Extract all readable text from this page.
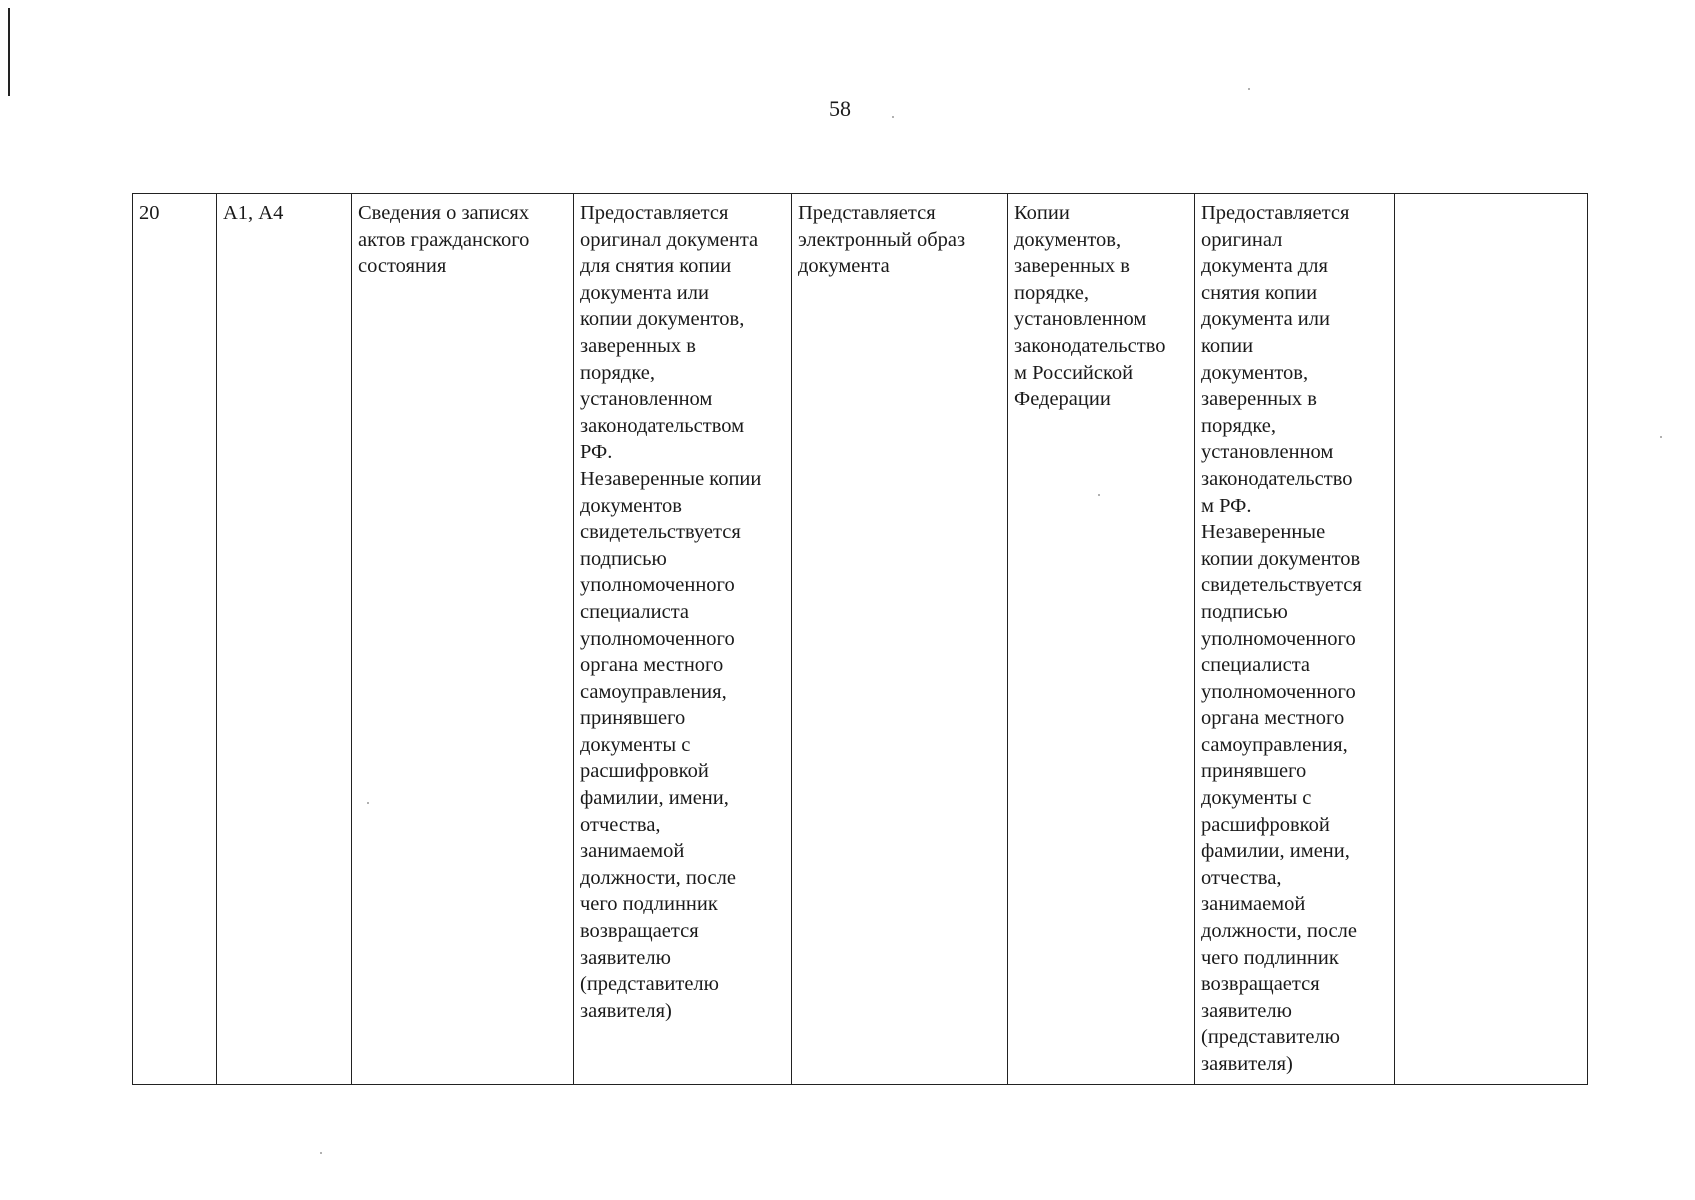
58
20	А1, А4	Сведения о записях
актов гражданского
состояния	Предоставляется
оригинал документа
для снятия копии
документа или
копии документов,
заверенных в
порядке,
установленном
законодательством
РФ.
Незаверенные копии
документов
свидетельствуется
подписью
уполномоченного
специалиста
уполномоченного
органа местного
самоуправления,
принявшего
документы с
расшифровкой
фамилии, имени,
отчества,
занимаемой
должности, после
чего подлинник
возвращается
заявителю
(представителю
заявителя)	Представляется
электронный образ
документа	Копии
документов,
заверенных в
порядке,
установленном
законодательство
м Российской
Федерации	Предоставляется
оригинал
документа для
снятия копии
документа или
копии
документов,
заверенных в
порядке,
установленном
законодательство
м РФ.
Незаверенные
копии документов
свидетельствуется
подписью
уполномоченного
специалиста
уполномоченного
органа местного
самоуправления,
принявшего
документы с
расшифровкой
фамилии, имени,
отчества,
занимаемой
должности, после
чего подлинник
возвращается
заявителю
(представителю
заявителя)	
